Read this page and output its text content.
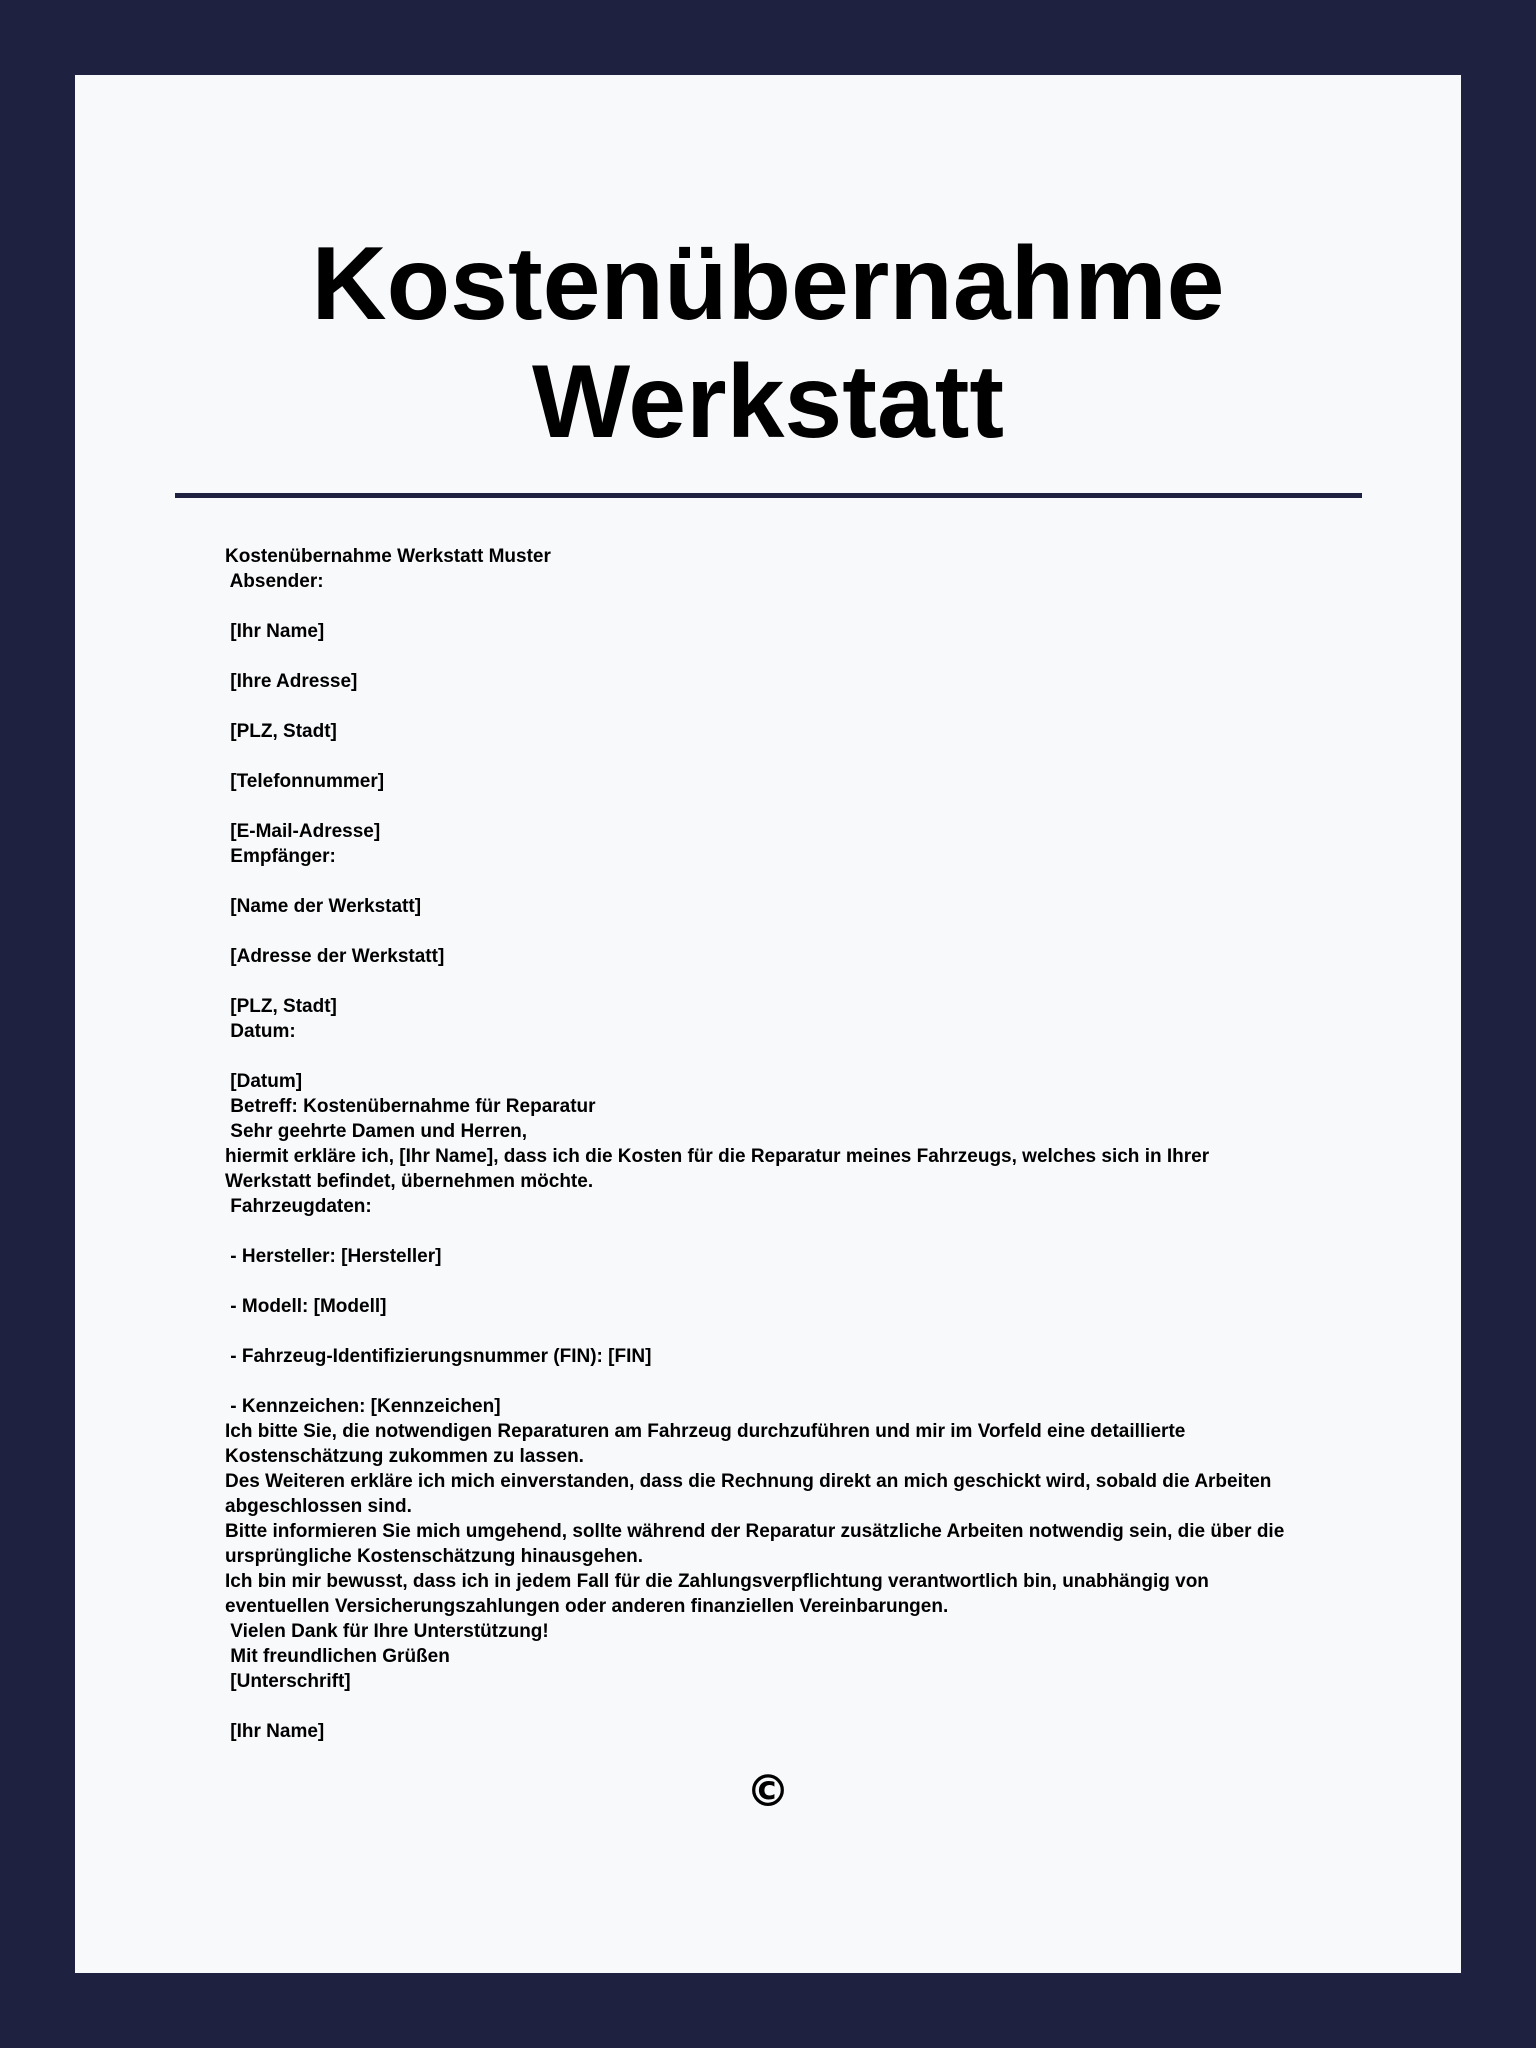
Kostenübernahme
Werkstatt
Kostenübernahme Werkstatt Muster
Absender:
[Ihr Name]
[Ihre Adresse]
[PLZ, Stadt]
[Telefonnummer]
[E-Mail-Adresse]
Empfänger:
[Name der Werkstatt]
[Adresse der Werkstatt]
[PLZ, Stadt]
Datum:
[Datum]
Betreff: Kostenübernahme für Reparatur
Sehr geehrte Damen und Herren,
hiermit erkläre ich, [Ihr Name], dass ich die Kosten für die Reparatur meines Fahrzeugs, welches sich in Ihrer
Werkstatt befindet, übernehmen möchte.
Fahrzeugdaten:
- Hersteller: [Hersteller]
- Modell: [Modell]
- Fahrzeug-Identifizierungsnummer (FIN): [FIN]
- Kennzeichen: [Kennzeichen]
Ich bitte Sie, die notwendigen Reparaturen am Fahrzeug durchzuführen und mir im Vorfeld eine detaillierte
Kostenschätzung zukommen zu lassen.
Des Weiteren erkläre ich mich einverstanden, dass die Rechnung direkt an mich geschickt wird, sobald die Arbeiten
abgeschlossen sind.
Bitte informieren Sie mich umgehend, sollte während der Reparatur zusätzliche Arbeiten notwendig sein, die über die
ursprüngliche Kostenschätzung hinausgehen.
Ich bin mir bewusst, dass ich in jedem Fall für die Zahlungsverpflichtung verantwortlich bin, unabhängig von
eventuellen Versicherungszahlungen oder anderen finanziellen Vereinbarungen.
Vielen Dank für Ihre Unterstützung!
Mit freundlichen Grüßen
[Unterschrift]
[Ihr Name]
©
